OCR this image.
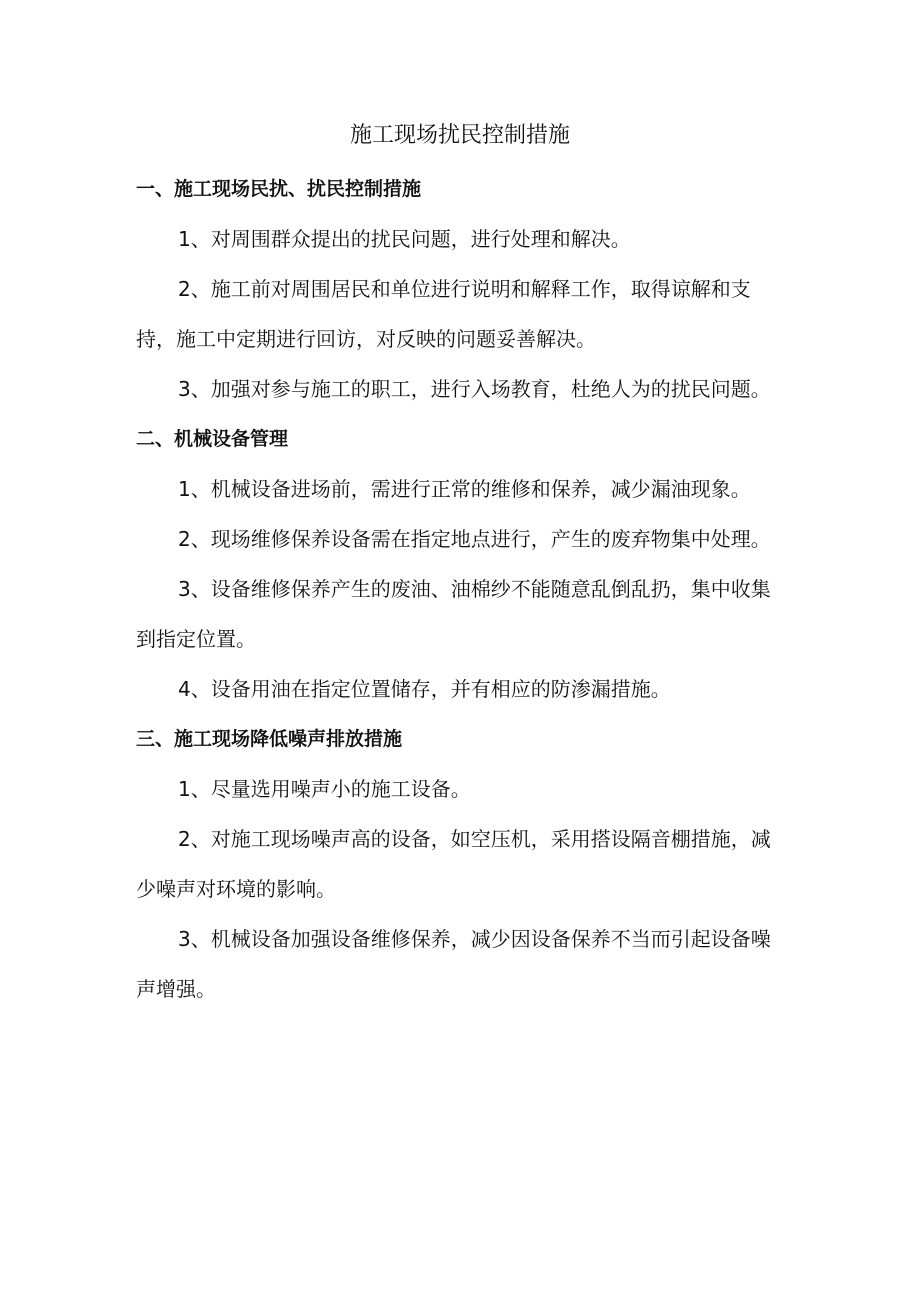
施工现场扰民控制措施
一、施工现场民扰、扰民控制措施

1、对周围群众提出的扰民问题，进行处理和解决。

2、施工前对周围居民和单位进行说明和解释工作，取得谅解和支持，施工中定期进行回访，对反映的问题妥善解决。

3、加强对参与施工的职工，进行入场教育，杜绝人为的扰民问题。

二、机械设备管理

1、机械设备进场前，需进行正常的维修和保养，减少漏油现象。

2、现场维修保养设备需在指定地点进行，产生的废弃物集中处理。

3、设备维修保养产生的废油、油棉纱不能随意乱倒乱扔，集中收集到指定位置。

4、设备用油在指定位置储存，并有相应的防渗漏措施。

三、施工现场降低噪声排放措施

1、尽量选用噪声小的施工设备。

2、对施工现场噪声高的设备，如空压机，采用搭设隔音棚措施，减少噪声对环境的影响。

3、机械设备加强设备维修保养，减少因设备保养不当而引起设备噪声增强。
